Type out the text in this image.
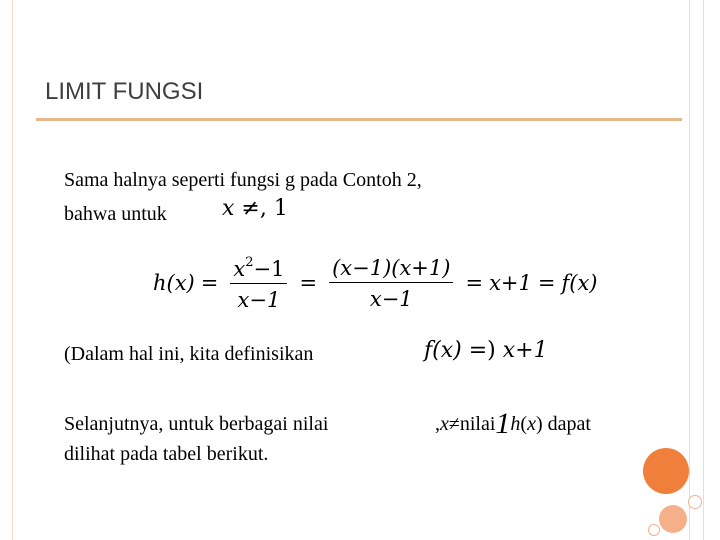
LIMIT FUNGSI
Sama halnya seperti fungsi g pada Contoh 2,
bahwa untuk	x ≠, 1
$h(x) = \frac{x^2-1}{x-1} = \frac{(x-1)(x+1)}{x-1} = x+1 = f(x)$
(Dalam hal ini, kita definisikan	f(x) =) x+1
Selanjutnya, untuk berbagai nilai	,x≠nilai1h(x) dapat
dilihat pada tabel berikut.
